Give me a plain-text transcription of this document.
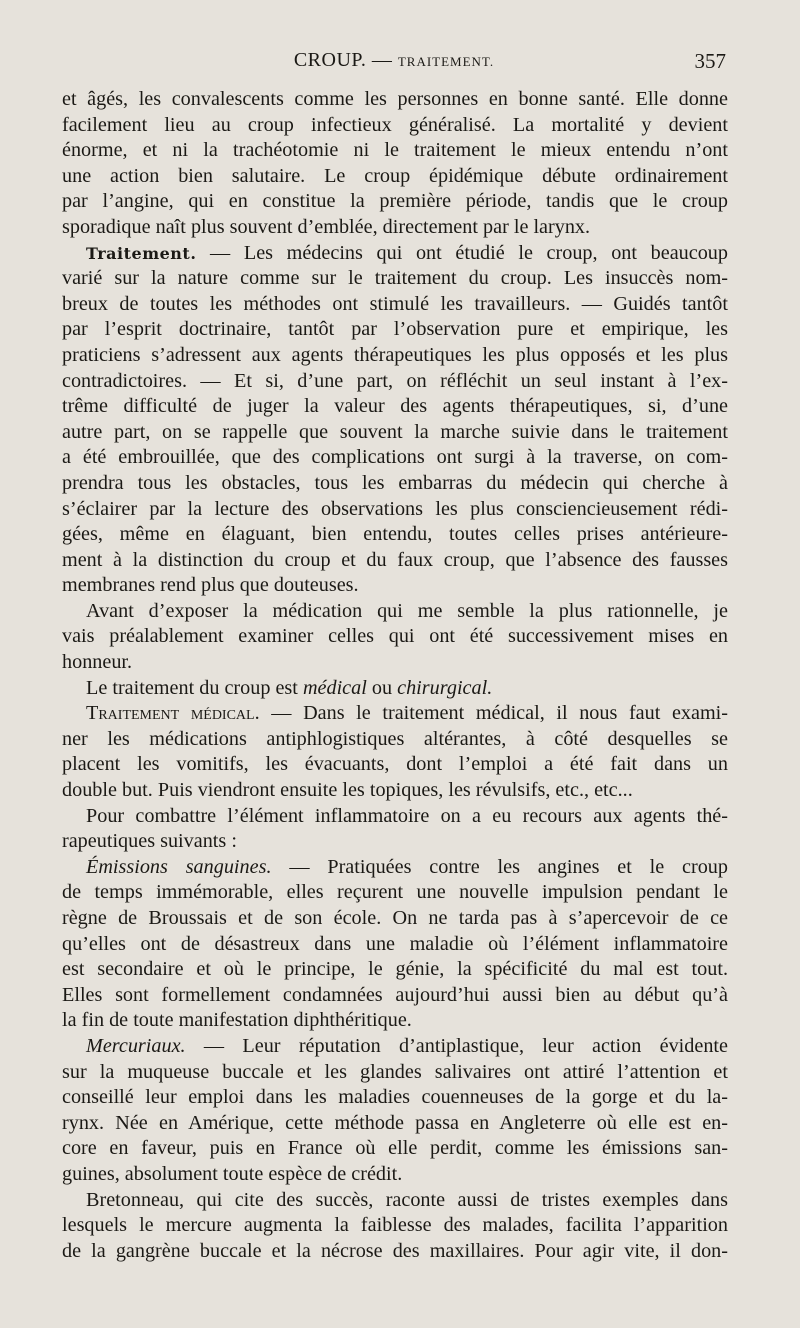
CROUP. — TRAITEMENT.	357
et âgés, les convalescents comme les personnes en bonne santé. Elle donne
facilement lieu au croup infectieux généralisé. La mortalité y devient
énorme, et ni la trachéotomie ni le traitement le mieux entendu n’ont
une action bien salutaire. Le croup épidémique débute ordinairement
par l’angine, qui en constitue la première période, tandis que le croup
sporadique naît plus souvent d’emblée, directement par le larynx.
Traitement. — Les médecins qui ont étudié le croup, ont beaucoup
varié sur la nature comme sur le traitement du croup. Les insuccès nom-
breux de toutes les méthodes ont stimulé les travailleurs. — Guidés tantôt
par l’esprit doctrinaire, tantôt par l’observation pure et empirique, les
praticiens s’adressent aux agents thérapeutiques les plus opposés et les plus
contradictoires. — Et si, d’une part, on réfléchit un seul instant à l’ex-
trême difficulté de juger la valeur des agents thérapeutiques, si, d’une
autre part, on se rappelle que souvent la marche suivie dans le traitement
a été embrouillée, que des complications ont surgi à la traverse, on com-
prendra tous les obstacles, tous les embarras du médecin qui cherche à
s’éclairer par la lecture des observations les plus consciencieusement rédi-
gées, même en élaguant, bien entendu, toutes celles prises antérieure-
ment à la distinction du croup et du faux croup, que l’absence des fausses
membranes rend plus que douteuses.
Avant d’exposer la médication qui me semble la plus rationnelle, je
vais préalablement examiner celles qui ont été successivement mises en
honneur.
Le traitement du croup est médical ou chirurgical.
Traitement médical. — Dans le traitement médical, il nous faut exami-
ner les médications antiphlogistiques altérantes, à côté desquelles se
placent les vomitifs, les évacuants, dont l’emploi a été fait dans un
double but. Puis viendront ensuite les topiques, les révulsifs, etc., etc...
Pour combattre l’élément inflammatoire on a eu recours aux agents thé-
rapeutiques suivants :
Émissions sanguines. — Pratiquées contre les angines et le croup
de temps immémorable, elles reçurent une nouvelle impulsion pendant le
règne de Broussais et de son école. On ne tarda pas à s’apercevoir de ce
qu’elles ont de désastreux dans une maladie où l’élément inflammatoire
est secondaire et où le principe, le génie, la spécificité du mal est tout.
Elles sont formellement condamnées aujourd’hui aussi bien au début qu’à
la fin de toute manifestation diphthéritique.
Mercuriaux. — Leur réputation d’antiplastique, leur action évidente
sur la muqueuse buccale et les glandes salivaires ont attiré l’attention et
conseillé leur emploi dans les maladies couenneuses de la gorge et du la-
rynx. Née en Amérique, cette méthode passa en Angleterre où elle est en-
core en faveur, puis en France où elle perdit, comme les émissions san-
guines, absolument toute espèce de crédit.
Bretonneau, qui cite des succès, raconte aussi de tristes exemples dans
lesquels le mercure augmenta la faiblesse des malades, facilita l’apparition
de la gangrène buccale et la nécrose des maxillaires. Pour agir vite, il don-
